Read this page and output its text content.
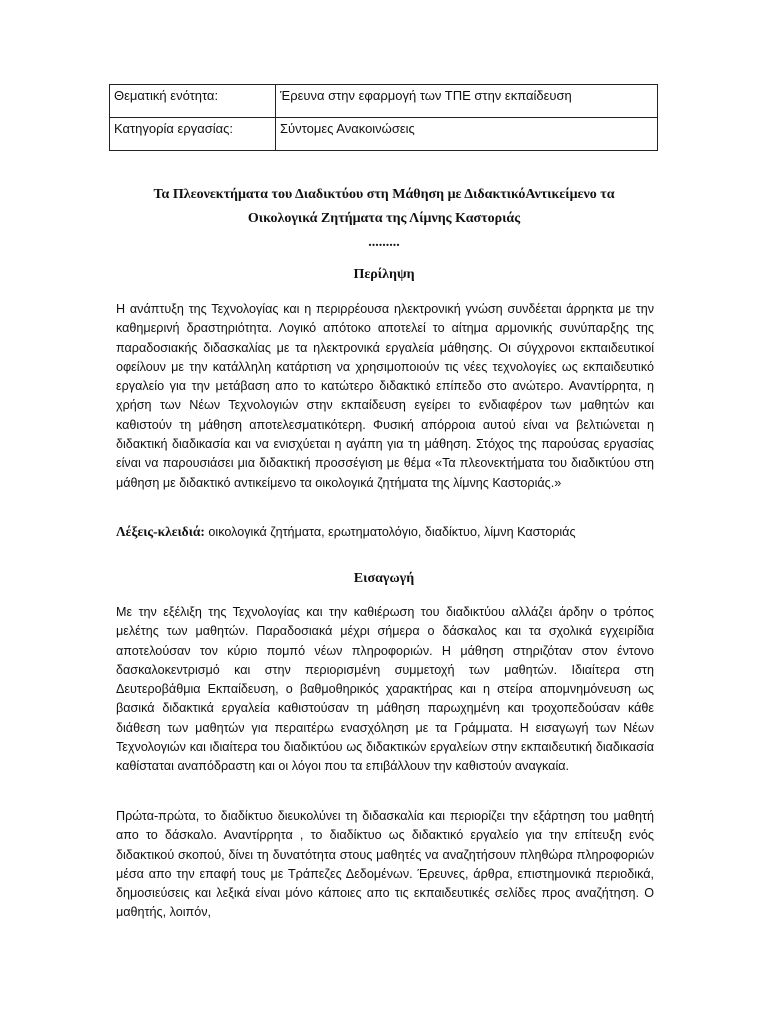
Θεματική ενότητα:	Έρευνα στην εφαρμογή των ΤΠΕ στην εκπαίδευση
Κατηγορία εργασίας:	Σύντομες Ανακοινώσεις
Τα Πλεονεκτήματα του Διαδικτύου στη Μάθηση με ΔιδακτικόΑντικείμενο τα
Οικολογικά Ζητήματα της Λίμνης Καστοριάς
.........
Περίληψη

Η ανάπτυξη της Τεχνολογίας και η περιρρέουσα ηλεκτρονική γνώση συνδέεται άρρηκτα με την καθημερινή δραστηριότητα. Λογικό απότοκο αποτελεί το αίτημα αρμονικής συνύπαρξης της παραδοσιακής διδασκαλίας με τα ηλεκτρονικά εργαλεία μάθησης. Οι σύγχρονοι εκπαιδευτικοί οφείλουν με την κατάλληλη κατάρτιση να χρησιμοποιούν τις νέες τεχνολογίες ως εκπαιδευτικό εργαλείο για την μετάβαση απο το κατώτερο διδακτικό επίπεδο στο ανώτερο. Αναντίρρητα, η χρήση των Νέων Τεχνολογιών στην εκπαίδευση εγείρει το ενδιαφέρον των μαθητών και καθιστούν τη μάθηση αποτελεσματικότερη. Φυσική απόρροια αυτού είναι να βελτιώνεται η διδακτική διαδικασία και να ενισχύεται η αγάπη για τη μάθηση. Στόχος της παρούσας εργασίας είναι να παρουσιάσει μια διδακτική προσσέγιση με θέμα «Τα πλεονεκτήματα του διαδικτύου στη μάθηση με διδακτικό αντικείμενο τα οικολογικά ζητήματα της λίμνης Καστοριάς.»

Λέξεις-κλειδιά: οικολογικά ζητήματα, ερωτηματολόγιο, διαδίκτυο, λίμνη Καστοριάς

Εισαγωγή

Με την εξέλιξη της Τεχνολογίας και την καθιέρωση του διαδικτύου αλλάζει άρδην ο τρόπος μελέτης των μαθητών. Παραδοσιακά μέχρι σήμερα ο δάσκαλος και τα σχολικά εγχειρίδια αποτελούσαν τον κύριο πομπό νέων πληροφοριών. Η μάθηση στηριζόταν στον έντονο δασκαλοκεντρισμό και στην περιορισμένη συμμετοχή των μαθητών. Ιδιαίτερα στη Δευτεροβάθμια Εκπαίδευση, ο βαθμοθηρικός χαρακτήρας και η στείρα απομνημόνευση ως βασικά διδακτικά εργαλεία καθιστούσαν τη μάθηση παρωχημένη και τροχοπεδούσαν κάθε διάθεση των μαθητών για περαιτέρω ενασχόληση με τα Γράμματα. Η εισαγωγή των Νέων Τεχνολογιών και ιδιαίτερα του διαδικτύου ως διδακτικών εργαλείων στην εκπαιδευτική διαδικασία καθίσταται αναπόδραστη και οι λόγοι που τα επιβάλλουν την καθιστούν αναγκαία.

Πρώτα-πρώτα, το διαδίκτυο διευκολύνει τη διδασκαλία και περιορίζει την εξάρτηση του μαθητή απο το δάσκαλο. Αναντίρρητα , το διαδίκτυο ως διδακτικό εργαλείο για την επίτευξη ενός διδακτικού σκοπού, δίνει τη δυνατότητα στους μαθητές να αναζητήσουν πληθώρα πληροφοριών μέσα απο την επαφή τους με Τράπεζες Δεδομένων. Έρευνες, άρθρα, επιστημονικά περιοδικά, δημοσιεύσεις και λεξικά είναι μόνο κάποιες απο τις εκπαιδευτικές σελίδες προς αναζήτηση. Ο μαθητής, λοιπόν,
